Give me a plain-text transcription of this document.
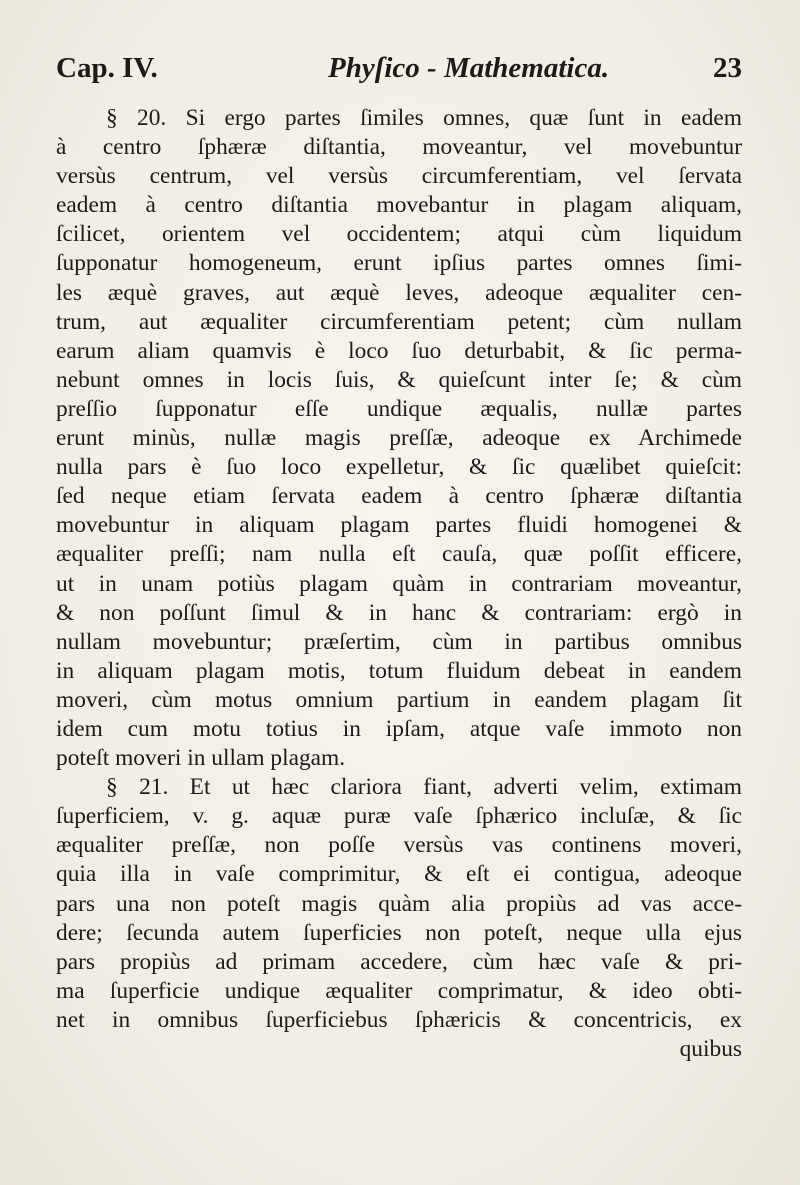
Cap. IV.	Phyſico - Mathematica.	23
§ 20. Si ergo partes ſimiles omnes, quæ ſunt in eadem
à centro ſphæræ diſtantia, moveantur, vel movebuntur
versùs centrum, vel versùs circumferentiam, vel ſervata
eadem à centro diſtantia movebantur in plagam aliquam,
ſcilicet, orientem vel occidentem; atqui cùm liquidum
ſupponatur homogeneum, erunt ipſius partes omnes ſimi-
les æquè graves, aut æquè leves, adeoque æqualiter cen-
trum, aut æqualiter circumferentiam petent; cùm nullam
earum aliam quamvis è loco ſuo deturbabit, & ſic perma-
nebunt omnes in locis ſuis, & quieſcunt inter ſe; & cùm
preſſio ſupponatur eſſe undique æqualis, nullæ partes
erunt minùs, nullæ magis preſſæ, adeoque ex Archimede
nulla pars è ſuo loco expelletur, & ſic quælibet quieſcit:
ſed neque etiam ſervata eadem à centro ſphæræ diſtantia
movebuntur in aliquam plagam partes fluidi homogenei &
æqualiter preſſi; nam nulla eſt cauſa, quæ poſſit efficere,
ut in unam potiùs plagam quàm in contrariam moveantur,
& non poſſunt ſimul & in hanc & contrariam: ergò in
nullam movebuntur; præſertim, cùm in partibus omnibus
in aliquam plagam motis, totum fluidum debeat in eandem
moveri, cùm motus omnium partium in eandem plagam ſit
idem cum motu totius in ipſam, atque vaſe immoto non
poteſt moveri in ullam plagam.
§ 21. Et ut hæc clariora fiant, adverti velim, extimam
ſuperficiem, v. g. aquæ puræ vaſe ſphærico incluſæ, & ſic
æqualiter preſſæ, non poſſe versùs vas continens moveri,
quia illa in vaſe comprimitur, & eſt ei contigua, adeoque
pars una non poteſt magis quàm alia propiùs ad vas acce-
dere; ſecunda autem ſuperficies non poteſt, neque ulla ejus
pars propiùs ad primam accedere, cùm hæc vaſe & pri-
ma ſuperficie undique æqualiter comprimatur, & ideo obti-
net in omnibus ſuperficiebus ſphæricis & concentricis, ex
quibus
